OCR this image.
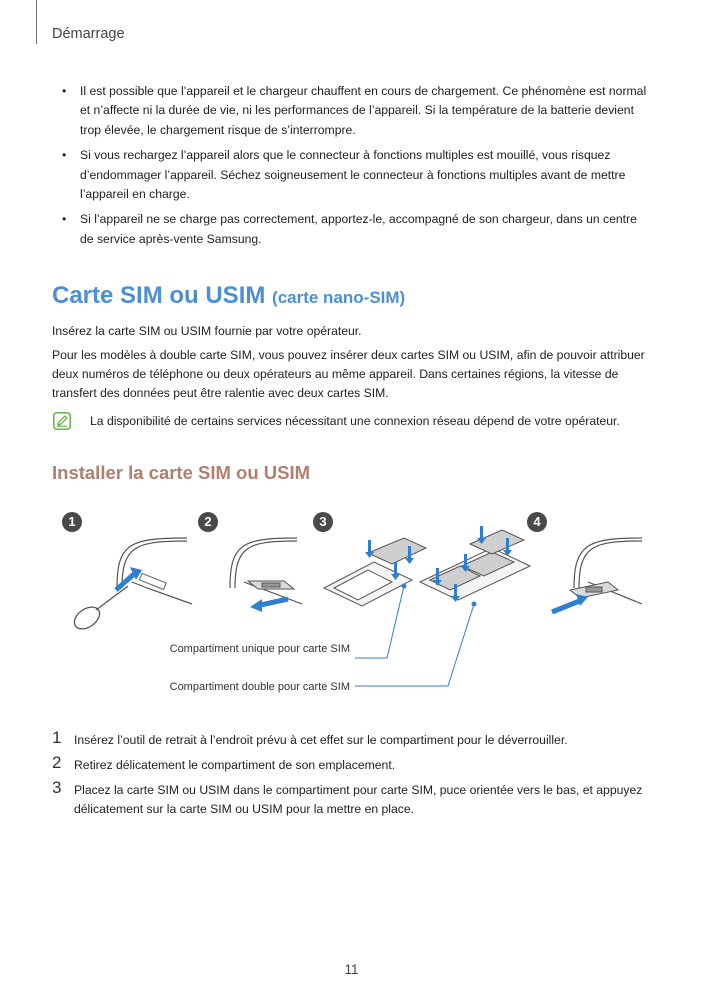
Démarrage
• Il est possible que l’appareil et le chargeur chauffent en cours de chargement. Ce phénomène est normal et n’affecte ni la durée de vie, ni les performances de l’appareil. Si la température de la batterie devient trop élevée, le chargement risque de s’interrompre.
• Si vous rechargez l’appareil alors que le connecteur à fonctions multiples est mouillé, vous risquez d’endommager l’appareil. Séchez soigneusement le connecteur à fonctions multiples avant de mettre l’appareil en charge.
• Si l’appareil ne se charge pas correctement, apportez-le, accompagné de son chargeur, dans un centre de service après-vente Samsung.
Carte SIM ou USIM (carte nano-SIM)

Insérez la carte SIM ou USIM fournie par votre opérateur.

Pour les modèles à double carte SIM, vous pouvez insérer deux cartes SIM ou USIM, afin de pouvoir attribuer deux numéros de téléphone ou deux opérateurs au même appareil. Dans certaines régions, la vitesse de transfert des données peut être ralentie avec deux cartes SIM.

La disponibilité de certains services nécessitant une connexion réseau dépend de votre opérateur.

Installer la carte SIM ou USIM
1	2	3	4
Compartiment unique pour carte SIM
Compartiment double pour carte SIM
1 Insérez l’outil de retrait à l’endroit prévu à cet effet sur le compartiment pour le déverrouiller.
2 Retirez délicatement le compartiment de son emplacement.
3 Placez la carte SIM ou USIM dans le compartiment pour carte SIM, puce orientée vers le bas, et appuyez délicatement sur la carte SIM ou USIM pour la mettre en place.
11
